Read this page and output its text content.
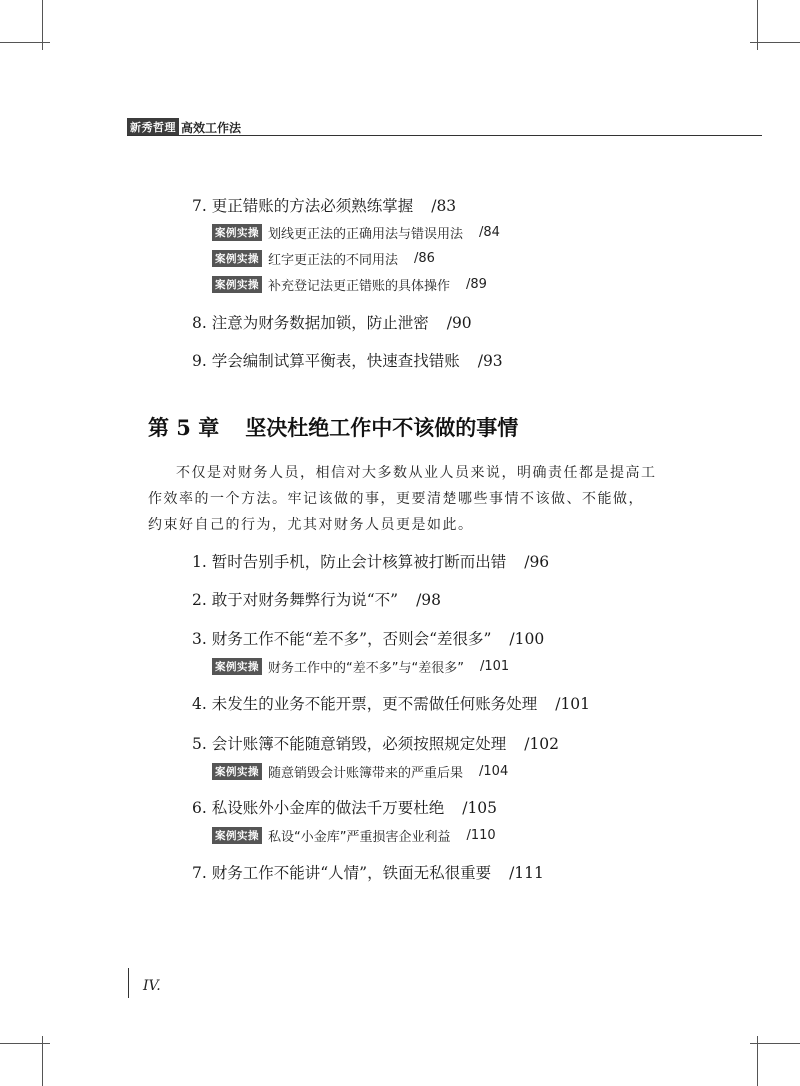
新秀哲理 高效工作法
7. 更正错账的方法必须熟练掌握 /83
案例实操 划线更正法的正确用法与错误用法 /84
案例实操 红字更正法的不同用法 /86
案例实操 补充登记法更正错账的具体操作 /89
8. 注意为财务数据加锁，防止泄密 /90
9. 学会编制试算平衡表，快速查找错账 /93
第 5 章 坚决杜绝工作中不该做的事情

不仅是对财务人员，相信对大多数从业人员来说，明确责任都是提高工作效率的一个方法。牢记该做的事，更要清楚哪些事情不该做、不能做，约束好自己的行为，尤其对财务人员更是如此。

1. 暂时告别手机，防止会计核算被打断而出错 /96
2. 敢于对财务舞弊行为说“不” /98
3. 财务工作不能“差不多”，否则会“差很多” /100
案例实操 财务工作中的“差不多”与“差很多” /101
4. 未发生的业务不能开票，更不需做任何账务处理 /101
5. 会计账簿不能随意销毁，必须按照规定处理 /102
案例实操 随意销毁会计账簿带来的严重后果 /104
6. 私设账外小金库的做法千万要杜绝 /105
案例实操 私设“小金库”严重损害企业利益 /110
7. 财务工作不能讲“人情”，铁面无私很重要 /111
IV.
